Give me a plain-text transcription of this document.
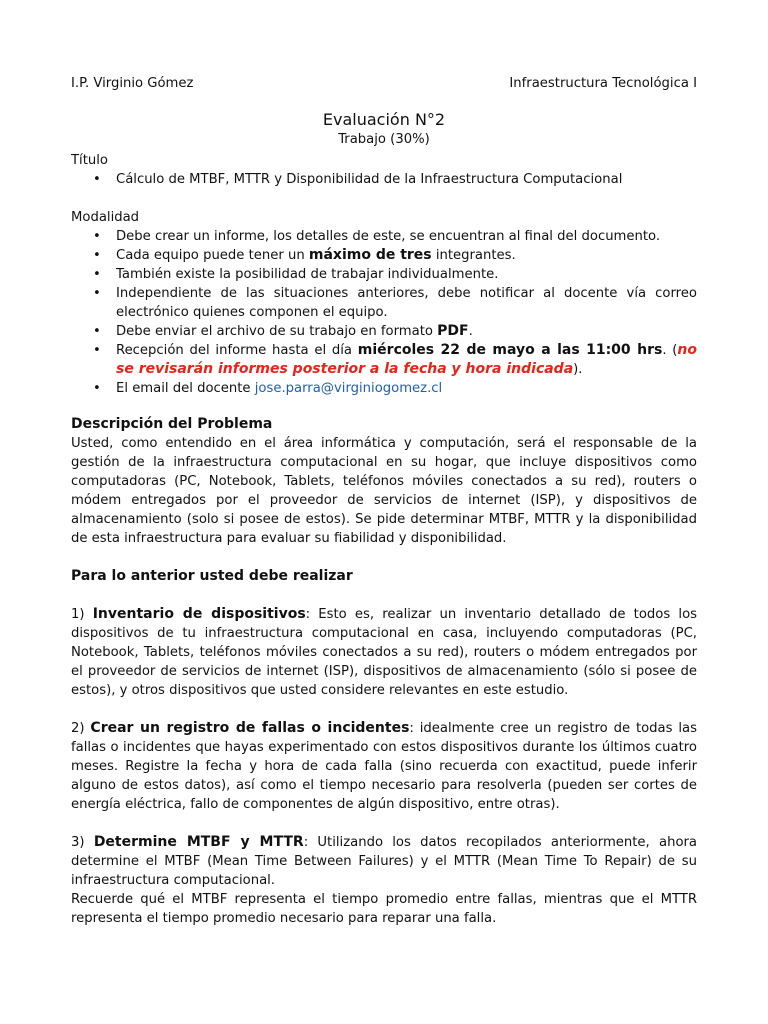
I.P. Virginio Gómez	Infraestructura Tecnológica I
Evaluación N°2
Trabajo (30%)
Título
• Cálculo de MTBF, MTTR y Disponibilidad de la Infraestructura Computacional
Modalidad
• Debe crear un informe, los detalles de este, se encuentran al final del documento.
• Cada equipo puede tener un máximo de tres integrantes.
• También existe la posibilidad de trabajar individualmente.
• Independiente de las situaciones anteriores, debe notificar al docente vía correo electrónico quienes componen el equipo.
• Debe enviar el archivo de su trabajo en formato PDF.
• Recepción del informe hasta el día miércoles 22 de mayo a las 11:00 hrs. (no se revisarán informes posterior a la fecha y hora indicada).
• El email del docente jose.parra@virginiogomez.cl
Descripción del Problema

Usted, como entendido en el área informática y computación, será el responsable de la gestión de la infraestructura computacional en su hogar, que incluye dispositivos como computadoras (PC, Notebook, Tablets, teléfonos móviles conectados a su red), routers o módem entregados por el proveedor de servicios de internet (ISP), y dispositivos de almacenamiento (solo si posee de estos). Se pide determinar MTBF, MTTR y la disponibilidad de esta infraestructura para evaluar su fiabilidad y disponibilidad.

Para lo anterior usted debe realizar

1) Inventario de dispositivos: Esto es, realizar un inventario detallado de todos los dispositivos de tu infraestructura computacional en casa, incluyendo computadoras (PC, Notebook, Tablets, teléfonos móviles conectados a su red), routers o módem entregados por el proveedor de servicios de internet (ISP), dispositivos de almacenamiento (sólo si posee de estos), y otros dispositivos que usted considere relevantes en este estudio.

2) Crear un registro de fallas o incidentes: idealmente cree un registro de todas las fallas o incidentes que hayas experimentado con estos dispositivos durante los últimos cuatro meses. Registre la fecha y hora de cada falla (sino recuerda con exactitud, puede inferir alguno de estos datos), así como el tiempo necesario para resolverla (pueden ser cortes de energía eléctrica, fallo de componentes de algún dispositivo, entre otras).

3) Determine MTBF y MTTR: Utilizando los datos recopilados anteriormente, ahora determine el MTBF (Mean Time Between Failures) y el MTTR (Mean Time To Repair) de su infraestructura computacional.

Recuerde qué el MTBF representa el tiempo promedio entre fallas, mientras que el MTTR representa el tiempo promedio necesario para reparar una falla.
